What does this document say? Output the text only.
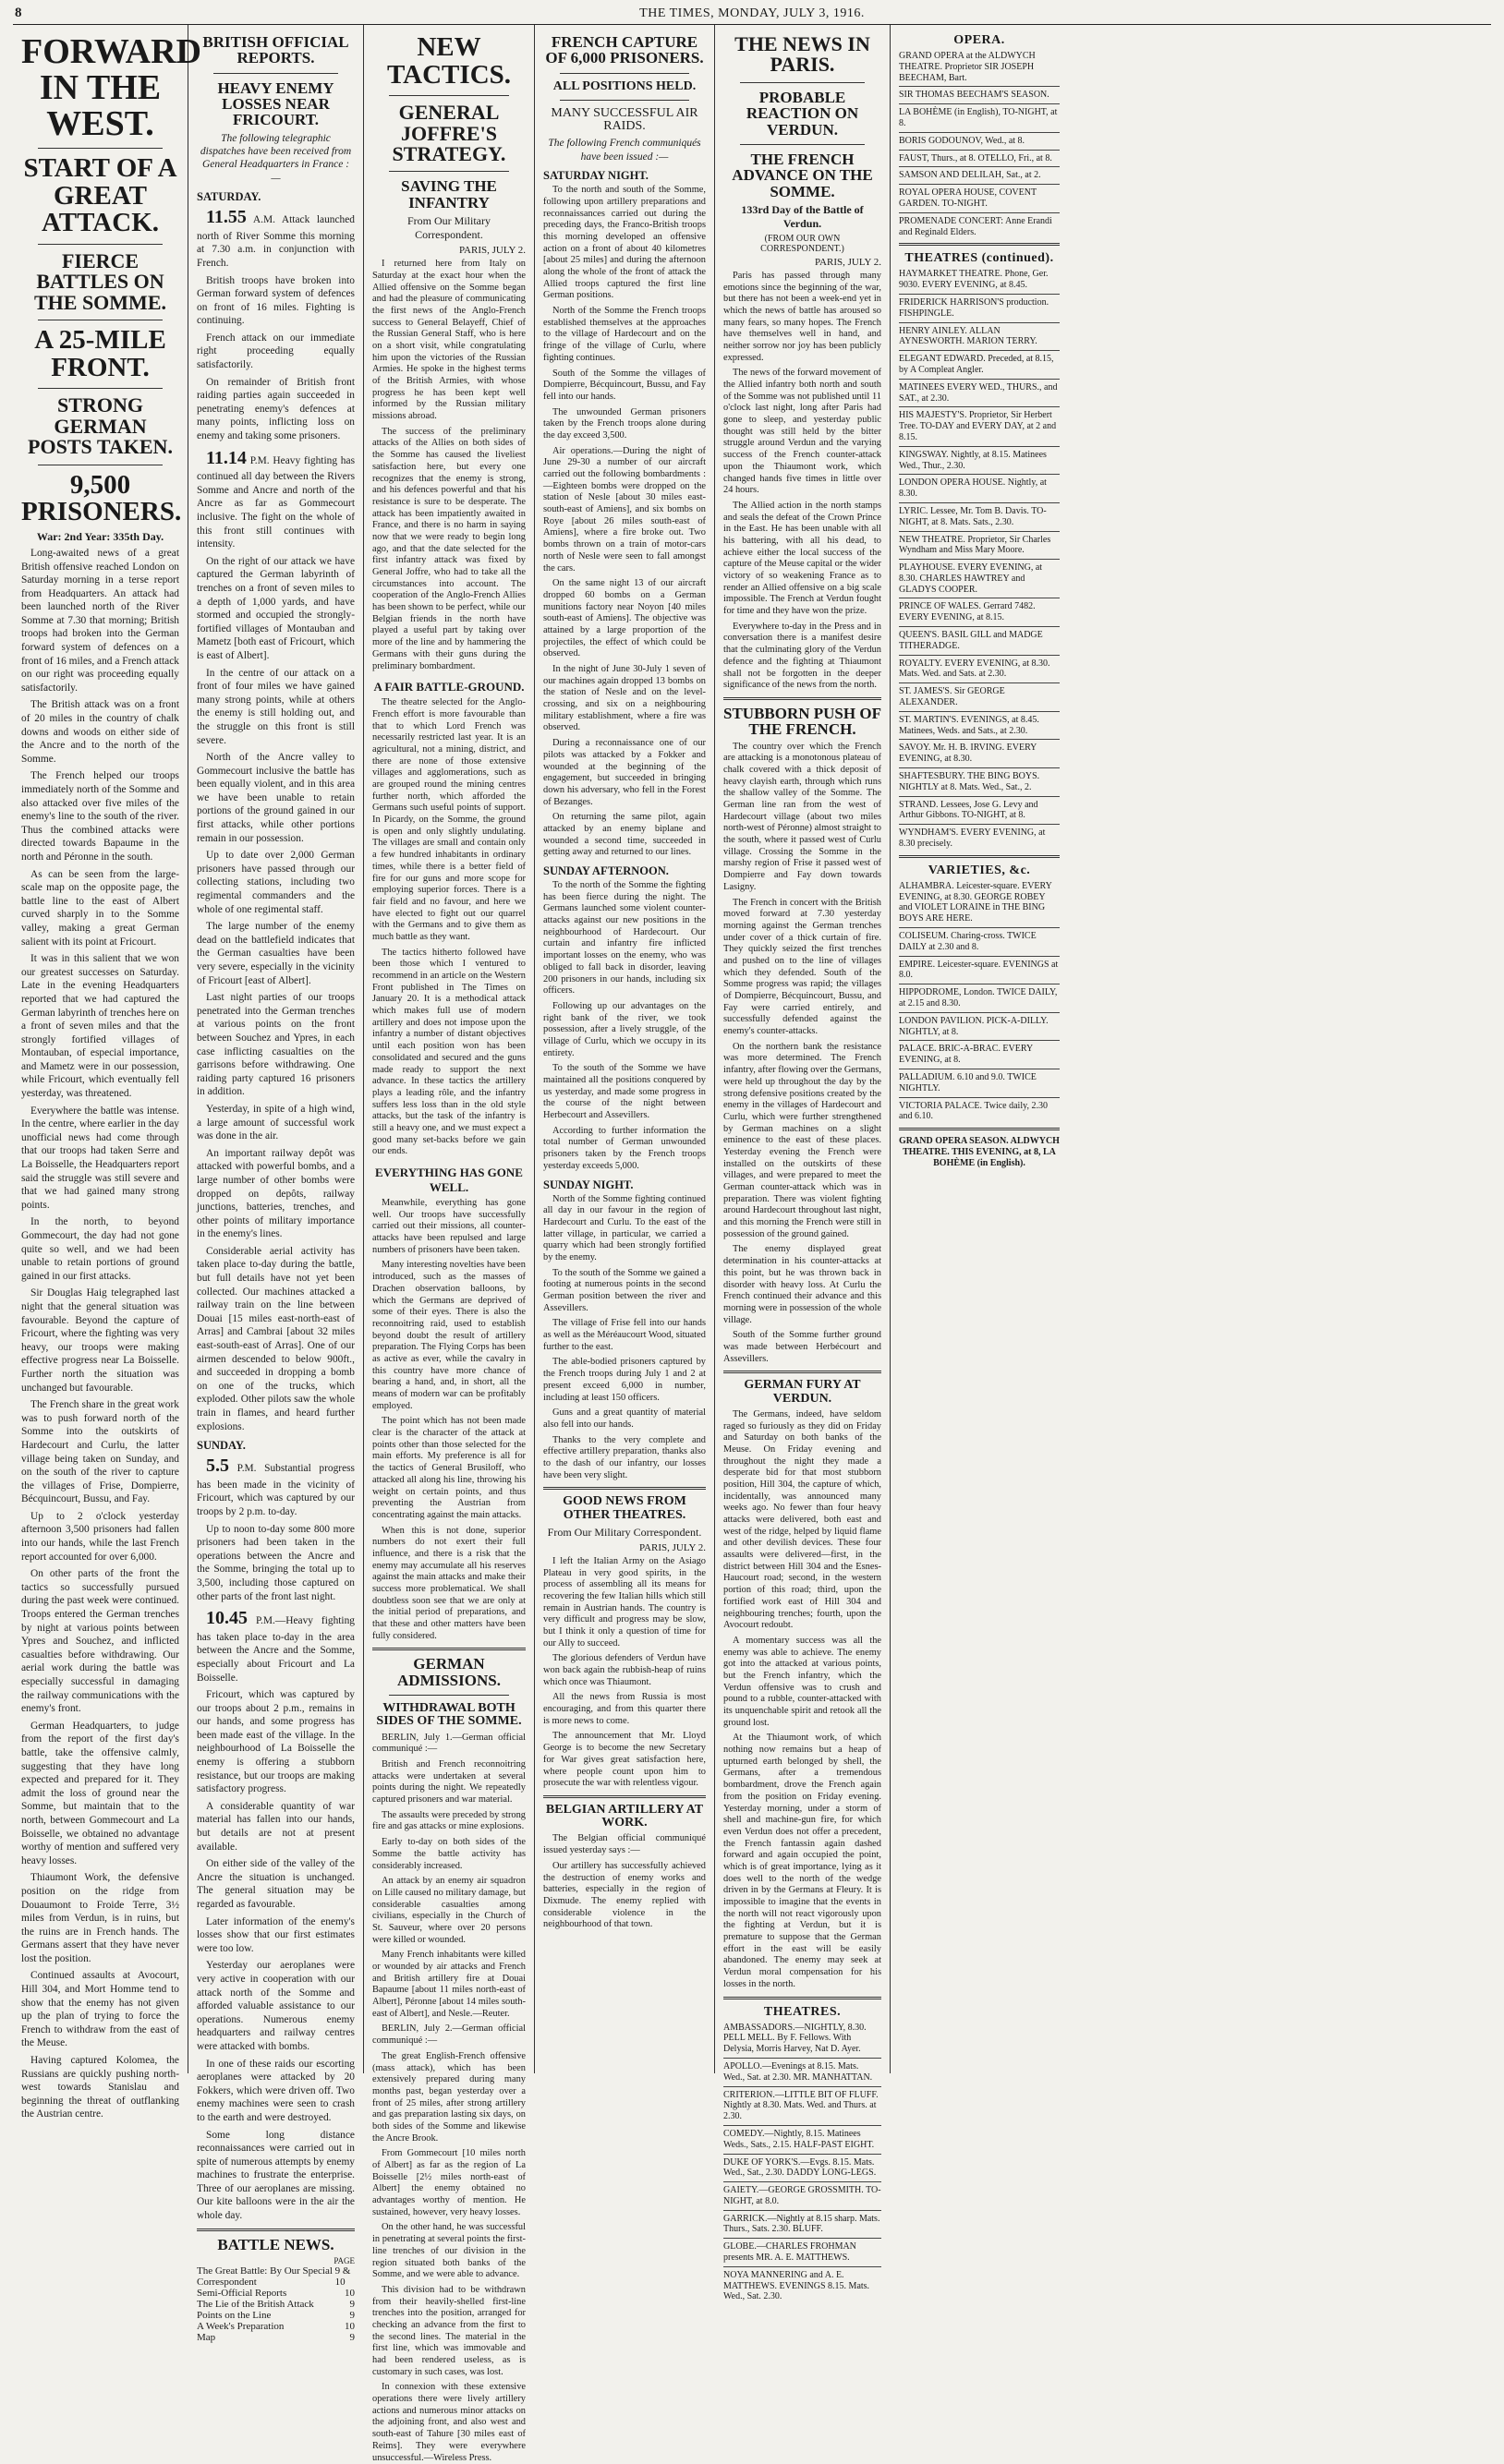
8	THE TIMES, MONDAY, JULY 3, 1916.
FORWARD IN THE WEST.
START OF A GREAT ATTACK.
FIERCE BATTLES ON THE SOMME.
A 25-MILE FRONT.
STRONG GERMAN POSTS TAKEN.
9,500 PRISONERS.
War: 2nd Year: 335th Day.

Long-awaited news of a great British offensive reached London on Saturday morning in a terse report from Headquarters. An attack had been launched north of the River Somme at 7.30 that morning; British troops had broken into the German forward system of defences on a front of 16 miles, and a French attack on our right was proceeding equally satisfactorily.

The British attack was on a front of 20 miles in the country of chalk downs and woods on either side of the Ancre and to the north of the Somme.

The French helped our troops immediately north of the Somme and also attacked over five miles of the enemy's line to the south of the river. Thus the combined attacks were directed towards Bapaume in the north and Péronne in the south.

As can be seen from the large-scale map on the opposite page, the battle line to the east of Albert curved sharply in to the Somme valley, making a great German salient with its point at Fricourt.

It was in this salient that we won our greatest successes on Saturday. Late in the evening Headquarters reported that we had captured the German labyrinth of trenches here on a front of seven miles and that the strongly fortified villages of Montauban, of especial importance, and Mametz were in our possession, while Fricourt, which eventually fell yesterday, was threatened.

Everywhere the battle was intense. In the centre, where earlier in the day unofficial news had come through that our troops had taken Serre and La Boisselle, the Headquarters report said the struggle was still severe and that we had gained many strong points.

In the north, to beyond Gommecourt, the day had not gone quite so well, and we had been unable to retain portions of ground gained in our first attacks.

Sir Douglas Haig telegraphed last night that the general situation was favourable. Beyond the capture of Fricourt, where the fighting was very heavy, our troops were making effective progress near La Boisselle. Further north the situation was unchanged but favourable.

The French share in the great work was to push forward north of the Somme into the outskirts of Hardecourt and Curlu, the latter village being taken on Sunday, and on the south of the river to capture the villages of Frise, Dompierre, Bécquincourt, Bussu, and Fay.

Up to 2 o'clock yesterday afternoon 3,500 prisoners had fallen into our hands, while the last French report accounted for over 6,000.

On other parts of the front the tactics so successfully pursued during the past week were continued. Troops entered the German trenches by night at various points between Ypres and Souchez, and inflicted casualties before withdrawing. Our aerial work during the battle was especially successful in damaging the railway communications with the enemy's front.

German Headquarters, to judge from the report of the first day's battle, take the offensive calmly, suggesting that they have long expected and prepared for it. They admit the loss of ground near the Somme, but maintain that to the north, between Gommecourt and La Boisselle, we obtained no advantage worthy of mention and suffered very heavy losses.

Thiaumont Work, the defensive position on the ridge from Douaumont to Froide Terre, 3½ miles from Verdun, is in ruins, but the ruins are in French hands. The Germans assert that they have never lost the position.

Continued assaults at Avocourt, Hill 304, and Mort Homme tend to show that the enemy has not given up the plan of trying to force the French to withdraw from the east of the Meuse.

Having captured Kolomea, the Russians are quickly pushing north-west towards Stanislau and beginning the threat of outflanking the Austrian centre.

BRITISH OFFICIAL REPORTS.
HEAVY ENEMY LOSSES NEAR FRICOURT.
The following telegraphic dispatches have been received from General Headquarters in France :—
SATURDAY.

11.55 A.M. Attack launched north of River Somme this morning at 7.30 a.m. in conjunction with French.

British troops have broken into German forward system of defences on front of 16 miles. Fighting is continuing.

French attack on our immediate right proceeding equally satisfactorily.

On remainder of British front raiding parties again succeeded in penetrating enemy's defences at many points, inflicting loss on enemy and taking some prisoners.

11.14 P.M. Heavy fighting has continued all day between the Rivers Somme and Ancre and north of the Ancre as far as Gommecourt inclusive. The fight on the whole of this front still continues with intensity.

On the right of our attack we have captured the German labyrinth of trenches on a front of seven miles to a depth of 1,000 yards, and have stormed and occupied the strongly-fortified villages of Montauban and Mametz [both east of Fricourt, which is east of Albert].

In the centre of our attack on a front of four miles we have gained many strong points, while at others the enemy is still holding out, and the struggle on this front is still severe.

North of the Ancre valley to Gommecourt inclusive the battle has been equally violent, and in this area we have been unable to retain portions of the ground gained in our first attacks, while other portions remain in our possession.

Up to date over 2,000 German prisoners have passed through our collecting stations, including two regimental commanders and the whole of one regimental staff.

The large number of the enemy dead on the battlefield indicates that the German casualties have been very severe, especially in the vicinity of Fricourt [east of Albert].

Last night parties of our troops penetrated into the German trenches at various points on the front between Souchez and Ypres, in each case inflicting casualties on the garrisons before withdrawing. One raiding party captured 16 prisoners in addition.

Yesterday, in spite of a high wind, a large amount of successful work was done in the air.

An important railway depôt was attacked with powerful bombs, and a large number of other bombs were dropped on depôts, railway junctions, batteries, trenches, and other points of military importance in the enemy's lines.

Considerable aerial activity has taken place to-day during the battle, but full details have not yet been collected. Our machines attacked a railway train on the line between Douai [15 miles east-north-east of Arras] and Cambrai [about 32 miles east-south-east of Arras]. One of our airmen descended to below 900ft., and succeeded in dropping a bomb on one of the trucks, which exploded. Other pilots saw the whole train in flames, and heard further explosions.

SUNDAY.

5.5 P.M. Substantial progress has been made in the vicinity of Fricourt, which was captured by our troops by 2 p.m. to-day.

Up to noon to-day some 800 more prisoners had been taken in the operations between the Ancre and the Somme, bringing the total up to 3,500, including those captured on other parts of the front last night.

10.45 P.M.—Heavy fighting has taken place to-day in the area between the Ancre and the Somme, especially about Fricourt and La Boisselle.

Fricourt, which was captured by our troops about 2 p.m., remains in our hands, and some progress has been made east of the village. In the neighbourhood of La Boisselle the enemy is offering a stubborn resistance, but our troops are making satisfactory progress.

A considerable quantity of war material has fallen into our hands, but details are not at present available.

On either side of the valley of the Ancre the situation is unchanged. The general situation may be regarded as favourable.

Later information of the enemy's losses show that our first estimates were too low.

Yesterday our aeroplanes were very active in cooperation with our attack north of the Somme and afforded valuable assistance to our operations. Numerous enemy headquarters and railway centres were attacked with bombs.

In one of these raids our escorting aeroplanes were attacked by 20 Fokkers, which were driven off. Two enemy machines were seen to crash to the earth and were destroyed.

Some long distance reconnaissances were carried out in spite of numerous attempts by enemy machines to frustrate the enterprise. Three of our aeroplanes are missing. Our kite balloons were in the air the whole day.

BATTLE NEWS.
PAGE
The Great Battle: By Our Special Correspondent
9 & 10
Semi-Official Reports	10
The Lie of the British Attack	9
Points on the Line	9
A Week's Preparation	10
Map	9
NEW TACTICS.
GENERAL JOFFRE'S STRATEGY.
SAVING THE INFANTRY
From Our Military Correspondent.
PARIS, JULY 2.

I returned here from Italy on Saturday at the exact hour when the Allied offensive on the Somme began and had the pleasure of communicating the first news of the Anglo-French success to General Belayeff, Chief of the Russian General Staff, who is here on a short visit, while congratulating him upon the victories of the Russian Armies. He spoke in the highest terms of the British Armies, with whose progress he has been kept well informed by the Russian military missions abroad.

The success of the preliminary attacks of the Allies on both sides of the Somme has caused the liveliest satisfaction here, but every one recognizes that the enemy is strong, and his defences powerful and that his resistance is sure to be desperate. The attack has been impatiently awaited in France, and there is no harm in saying now that we were ready to begin long ago, and that the date selected for the first infantry attack was fixed by General Joffre, who had to take all the circumstances into account. The cooperation of the Anglo-French Allies has been shown to be perfect, while our Belgian friends in the north have played a useful part by taking over more of the line and by hammering the Germans with their guns during the preliminary bombardment.

A FAIR BATTLE-GROUND.

The theatre selected for the Anglo-French effort is more favourable than that to which Lord French was necessarily restricted last year. It is an agricultural, not a mining, district, and there are none of those extensive villages and agglomerations, such as are grouped round the mining centres further north, which afforded the Germans such useful points of support. In Picardy, on the Somme, the ground is open and only slightly undulating. The villages are small and contain only a few hundred inhabitants in ordinary times, while there is a better field of fire for our guns and more scope for employing superior forces. There is a fair field and no favour, and here we have elected to fight out our quarrel with the Germans and to give them as much battle as they want.

The tactics hitherto followed have been those which I ventured to recommend in an article on the Western Front published in The Times on January 20. It is a methodical attack which makes full use of modern artillery and does not impose upon the infantry a number of distant objectives until each position won has been consolidated and secured and the guns made ready to support the next advance. In these tactics the artillery plays a leading rôle, and the infantry suffers less loss than in the old style attacks, but the task of the infantry is still a heavy one, and we must expect a good many set-backs before we gain our ends.

EVERYTHING HAS GONE WELL.

Meanwhile, everything has gone well. Our troops have successfully carried out their missions, all counter-attacks have been repulsed and large numbers of prisoners have been taken.

Many interesting novelties have been introduced, such as the masses of Drachen observation balloons, by which the Germans are deprived of some of their eyes. There is also the reconnoitring raid, used to establish beyond doubt the result of artillery preparation. The Flying Corps has been as active as ever, while the cavalry in this country have more chance of bearing a hand, and, in short, all the means of modern war can be profitably employed.

The point which has not been made clear is the character of the attack at points other than those selected for the main efforts. My preference is all for the tactics of General Brusiloff, who attacked all along his line, throwing his weight on certain points, and thus preventing the Austrian from concentrating against the main attacks.

When this is not done, superior numbers do not exert their full influence, and there is a risk that the enemy may accumulate all his reserves against the main attacks and make their success more problematical. We shall doubtless soon see that we are only at the initial period of preparations, and that these and other matters have been fully considered.

GERMAN ADMISSIONS.
WITHDRAWAL BOTH SIDES OF THE SOMME.

BERLIN, July 1.—German official communiqué :—

British and French reconnoitring attacks were undertaken at several points during the night. We repeatedly captured prisoners and war material.

The assaults were preceded by strong fire and gas attacks or mine explosions.

Early to-day on both sides of the Somme the battle activity has considerably increased.

An attack by an enemy air squadron on Lille caused no military damage, but considerable casualties among civilians, especially in the Church of St. Sauveur, where over 20 persons were killed or wounded.

Many French inhabitants were killed or wounded by air attacks and French and British artillery fire at Douai Bapaume [about 11 miles north-east of Albert], Péronne [about 14 miles south-east of Albert], and Nesle.—Reuter.

BERLIN, July 2.—German official communiqué :—

The great English-French offensive (mass attack), which has been extensively prepared during many months past, began yesterday over a front of 25 miles, after strong artillery and gas preparation lasting six days, on both sides of the Somme and likewise the Ancre Brook.

From Gommecourt [10 miles north of Albert] as far as the region of La Boisselle [2½ miles north-east of Albert] the enemy obtained no advantages worthy of mention. He sustained, however, very heavy losses.

On the other hand, he was successful in penetrating at several points the first-line trenches of our division in the region situated both banks of the Somme, and we were able to advance.

This division had to be withdrawn from their heavily-shelled first-line trenches into the position, arranged for checking an advance from the first to the second lines. The material in the first line, which was immovable and had been rendered useless, as is customary in such cases, was lost.

In connexion with these extensive operations there were lively artillery actions and numerous minor attacks on the adjoining front, and also west and south-east of Tahure [30 miles east of Reims]. They were everywhere unsuccessful.—Wireless Press.

FRENCH CAPTURE OF 6,000 PRISONERS.
ALL POSITIONS HELD.
MANY SUCCESSFUL AIR RAIDS.
The following French communiqués have been issued :—
SATURDAY NIGHT.

To the north and south of the Somme, following upon artillery preparations and reconnaissances carried out during the preceding days, the Franco-British troops this morning developed an offensive action on a front of about 40 kilometres [about 25 miles] and during the afternoon along the whole of the front of attack the Allied troops captured the first line German positions.

North of the Somme the French troops established themselves at the approaches to the village of Hardecourt and on the fringe of the village of Curlu, where fighting continues.

South of the Somme the villages of Dompierre, Bécquincourt, Bussu, and Fay fell into our hands.

The unwounded German prisoners taken by the French troops alone during the day exceed 3,500.

Air operations.—During the night of June 29-30 a number of our aircraft carried out the following bombardments :—Eighteen bombs were dropped on the station of Nesle [about 30 miles east-south-east of Amiens], and six bombs on Roye [about 26 miles south-east of Amiens], where a fire broke out. Two bombs thrown on a train of motor-cars north of Nesle were seen to fall amongst the cars.

On the same night 13 of our aircraft dropped 60 bombs on a German munitions factory near Noyon [40 miles south-east of Amiens]. The objective was attained by a large proportion of the projectiles, the effect of which could be observed.

In the night of June 30-July 1 seven of our machines again dropped 13 bombs on the station of Nesle and on the level-crossing, and six on a neighbouring military establishment, where a fire was observed.

During a reconnaissance one of our pilots was attacked by a Fokker and wounded at the beginning of the engagement, but succeeded in bringing down his adversary, who fell in the Forest of Bezanges.

On returning the same pilot, again attacked by an enemy biplane and wounded a second time, succeeded in getting away and returned to our lines.

SUNDAY AFTERNOON.

To the north of the Somme the fighting has been fierce during the night. The Germans launched some violent counter-attacks against our new positions in the neighbourhood of Hardecourt. Our curtain and infantry fire inflicted important losses on the enemy, who was obliged to fall back in disorder, leaving 200 prisoners in our hands, including six officers.

Following up our advantages on the right bank of the river, we took possession, after a lively struggle, of the village of Curlu, which we occupy in its entirety.

To the south of the Somme we have maintained all the positions conquered by us yesterday, and made some progress in the course of the night between Herbecourt and Assevillers.

According to further information the total number of German unwounded prisoners taken by the French troops yesterday exceeds 5,000.

SUNDAY NIGHT.

North of the Somme fighting continued all day in our favour in the region of Hardecourt and Curlu. To the east of the latter village, in particular, we carried a quarry which had been strongly fortified by the enemy.

To the south of the Somme we gained a footing at numerous points in the second German position between the river and Assevillers.

The village of Frise fell into our hands as well as the Méréaucourt Wood, situated further to the east.

The able-bodied prisoners captured by the French troops during July 1 and 2 at present exceed 6,000 in number, including at least 150 officers.

Guns and a great quantity of material also fell into our hands.

Thanks to the very complete and effective artillery preparation, thanks also to the dash of our infantry, our losses have been very slight.

GOOD NEWS FROM OTHER THEATRES.
From Our Military Correspondent.
PARIS, JULY 2.

I left the Italian Army on the Asiago Plateau in very good spirits, in the process of assembling all its means for recovering the few Italian hills which still remain in Austrian hands. The country is very difficult and progress may be slow, but I think it only a question of time for our Ally to succeed.

The glorious defenders of Verdun have won back again the rubbish-heap of ruins which once was Thiaumont.

All the news from Russia is most encouraging, and from this quarter there is more news to come.

The announcement that Mr. Lloyd George is to become the new Secretary for War gives great satisfaction here, where people count upon him to prosecute the war with relentless vigour.

BELGIAN ARTILLERY AT WORK.

The Belgian official communiqué issued yesterday says :—

Our artillery has successfully achieved the destruction of enemy works and batteries, especially in the region of Dixmude. The enemy replied with considerable violence in the neighbourhood of that town.

THE NEWS IN PARIS.
PROBABLE REACTION ON VERDUN.
THE FRENCH ADVANCE ON THE SOMME.
133rd Day of the Battle of Verdun.
(FROM OUR OWN CORRESPONDENT.)
PARIS, JULY 2.

Paris has passed through many emotions since the beginning of the war, but there has not been a week-end yet in which the news of battle has aroused so many fears, so many hopes. The French have themselves well in hand, and neither sorrow nor joy has been publicly expressed.

The news of the forward movement of the Allied infantry both north and south of the Somme was not published until 11 o'clock last night, long after Paris had gone to sleep, and yesterday public thought was still held by the bitter struggle around Verdun and the varying success of the French counter-attack upon the Thiaumont work, which changed hands five times in little over 24 hours.

The Allied action in the north stamps and seals the defeat of the Crown Prince in the East. He has been unable with all his battering, with all his dead, to achieve either the local success of the capture of the Meuse capital or the wider victory of so weakening France as to render an Allied offensive on a big scale impossible. The French at Verdun fought for time and they have won the prize.

Everywhere to-day in the Press and in conversation there is a manifest desire that the culminating glory of the Verdun defence and the fighting at Thiaumont shall not be forgotten in the deeper significance of the news from the north.

STUBBORN PUSH OF THE FRENCH.

The country over which the French are attacking is a monotonous plateau of chalk covered with a thick deposit of heavy clayish earth, through which runs the shallow valley of the Somme. The German line ran from the west of Hardecourt village (about two miles north-west of Péronne) almost straight to the south, where it passed west of Curlu village. Crossing the Somme in the marshy region of Frise it passed west of Dompierre and Fay down towards Lasigny.

The French in concert with the British moved forward at 7.30 yesterday morning against the German trenches under cover of a thick curtain of fire. They quickly seized the first trenches and pushed on to the line of villages which they defended. South of the Somme progress was rapid; the villages of Dompierre, Bécquincourt, Bussu, and Fay were carried entirely, and successfully defended against the enemy's counter-attacks.

On the northern bank the resistance was more determined. The French infantry, after flowing over the Germans, were held up throughout the day by the strong defensive positions created by the enemy in the villages of Hardecourt and Curlu, which were further strengthened by German machines on a slight eminence to the east of these places. Yesterday evening the French were installed on the outskirts of these villages, and were prepared to meet the German counter-attack which was in preparation. There was violent fighting around Hardecourt throughout last night, and this morning the French were still in possession of the ground gained.

The enemy displayed great determination in his counter-attacks at this point, but he was thrown back in disorder with heavy loss. At Curlu the French continued their advance and this morning were in possession of the whole village.

South of the Somme further ground was made between Herbécourt and Assevillers.

GERMAN FURY AT VERDUN.

The Germans, indeed, have seldom raged so furiously as they did on Friday and Saturday on both banks of the Meuse. On Friday evening and throughout the night they made a desperate bid for that most stubborn position, Hill 304, the capture of which, incidentally, was announced many weeks ago. No fewer than four heavy attacks were delivered, both east and west of the ridge, helped by liquid flame and other devilish devices. These four assaults were delivered—first, in the district between Hill 304 and the Esnes-Haucourt road; second, in the western portion of this road; third, upon the fortified work east of Hill 304 and neighbouring trenches; fourth, upon the Avocourt redoubt.

A momentary success was all the enemy was able to achieve. The enemy got into the attacked at various points, but the French infantry, which the Verdun offensive was to crush and pound to a rubble, counter-attacked with its unquenchable spirit and retook all the ground lost.

At the Thiaumont work, of which nothing now remains but a heap of upturned earth belonged by shell, the Germans, after a tremendous bombardment, drove the French again from the position on Friday evening. Yesterday morning, under a storm of shell and machine-gun fire, for which even Verdun does not offer a precedent, the French fantassin again dashed forward and again occupied the point, which is of great importance, lying as it does well to the north of the wedge driven in by the Germans at Fleury. It is impossible to imagine that the events in the north will not react vigorously upon the fighting at Verdun, but it is premature to suppose that the German effort in the east will be easily abandoned. The enemy may seek at Verdun moral compensation for his losses in the north.

THEATRES.
AMBASSADORS.—NIGHTLY, 8.30. PELL MELL. By F. Fellows. With Delysia, Morris Harvey, Nat D. Ayer.
APOLLO.—Evenings at 8.15. Mats. Wed., Sat. at 2.30. MR. MANHATTAN.
CRITERION.—LITTLE BIT OF FLUFF. Nightly at 8.30. Mats. Wed. and Thurs. at 2.30.
COMEDY.—Nightly, 8.15. Matinees Weds., Sats., 2.15. HALF-PAST EIGHT.
DUKE OF YORK'S.—Evgs. 8.15. Mats. Wed., Sat., 2.30. DADDY LONG-LEGS.
GAIETY.—GEORGE GROSSMITH. TO-NIGHT, at 8.0.
GARRICK.—Nightly at 8.15 sharp. Mats. Thurs., Sats. 2.30. BLUFF.
GLOBE.—CHARLES FROHMAN presents MR. A. E. MATTHEWS.
NOYA MANNERING and A. E. MATTHEWS. EVENINGS 8.15. Mats. Wed., Sat. 2.30.
OPERA.
GRAND OPERA at the ALDWYCH THEATRE. Proprietor SIR JOSEPH BEECHAM, Bart.
SIR THOMAS BEECHAM'S SEASON.
LA BOHÈME (in English), TO-NIGHT, at 8.
BORIS GODOUNOV, Wed., at 8.
FAUST, Thurs., at 8. OTELLO, Fri., at 8.
SAMSON AND DELILAH, Sat., at 2.
ROYAL OPERA HOUSE, COVENT GARDEN. TO-NIGHT.
PROMENADE CONCERT: Anne Erandi and Reginald Elders.
THEATRES (continued).
HAYMARKET THEATRE. Phone, Ger. 9030. EVERY EVENING, at 8.45.
FRIDERICK HARRISON'S production. FISHPINGLE.
HENRY AINLEY. ALLAN AYNESWORTH. MARION TERRY.
ELEGANT EDWARD. Preceded, at 8.15, by A Compleat Angler.
MATINEES EVERY WED., THURS., and SAT., at 2.30.
HIS MAJESTY'S. Proprietor, Sir Herbert Tree. TO-DAY and EVERY DAY, at 2 and 8.15.
KINGSWAY. Nightly, at 8.15. Matinees Wed., Thur., 2.30.
LONDON OPERA HOUSE. Nightly, at 8.30.
LYRIC. Lessee, Mr. Tom B. Davis. TO-NIGHT, at 8. Mats. Sats., 2.30.
NEW THEATRE. Proprietor, Sir Charles Wyndham and Miss Mary Moore.
PLAYHOUSE. EVERY EVENING, at 8.30. CHARLES HAWTREY and GLADYS COOPER.
PRINCE OF WALES. Gerrard 7482. EVERY EVENING, at 8.15.
QUEEN'S. BASIL GILL and MADGE TITHERADGE.
ROYALTY. EVERY EVENING, at 8.30. Mats. Wed. and Sats. at 2.30.
ST. JAMES'S. Sir GEORGE ALEXANDER.
ST. MARTIN'S. EVENINGS, at 8.45. Matinees, Weds. and Sats., at 2.30.
SAVOY. Mr. H. B. IRVING. EVERY EVENING, at 8.30.
SHAFTESBURY. THE BING BOYS. NIGHTLY at 8. Mats. Wed., Sat., 2.
STRAND. Lessees, Jose G. Levy and Arthur Gibbons. TO-NIGHT, at 8.
WYNDHAM'S. EVERY EVENING, at 8.30 precisely.
VARIETIES, &c.
ALHAMBRA. Leicester-square. EVERY EVENING, at 8.30. GEORGE ROBEY and VIOLET LORAINE in THE BING BOYS ARE HERE.
COLISEUM. Charing-cross. TWICE DAILY at 2.30 and 8.
EMPIRE. Leicester-square. EVENINGS at 8.0.
HIPPODROME, London. TWICE DAILY, at 2.15 and 8.30.
LONDON PAVILION. PICK-A-DILLY. NIGHTLY, at 8.
PALACE. BRIC-A-BRAC. EVERY EVENING, at 8.
PALLADIUM. 6.10 and 9.0. TWICE NIGHTLY.
VICTORIA PALACE. Twice daily, 2.30 and 6.10.
GRAND OPERA SEASON. ALDWYCH THEATRE. THIS EVENING, at 8, LA BOHÈME (in English).
